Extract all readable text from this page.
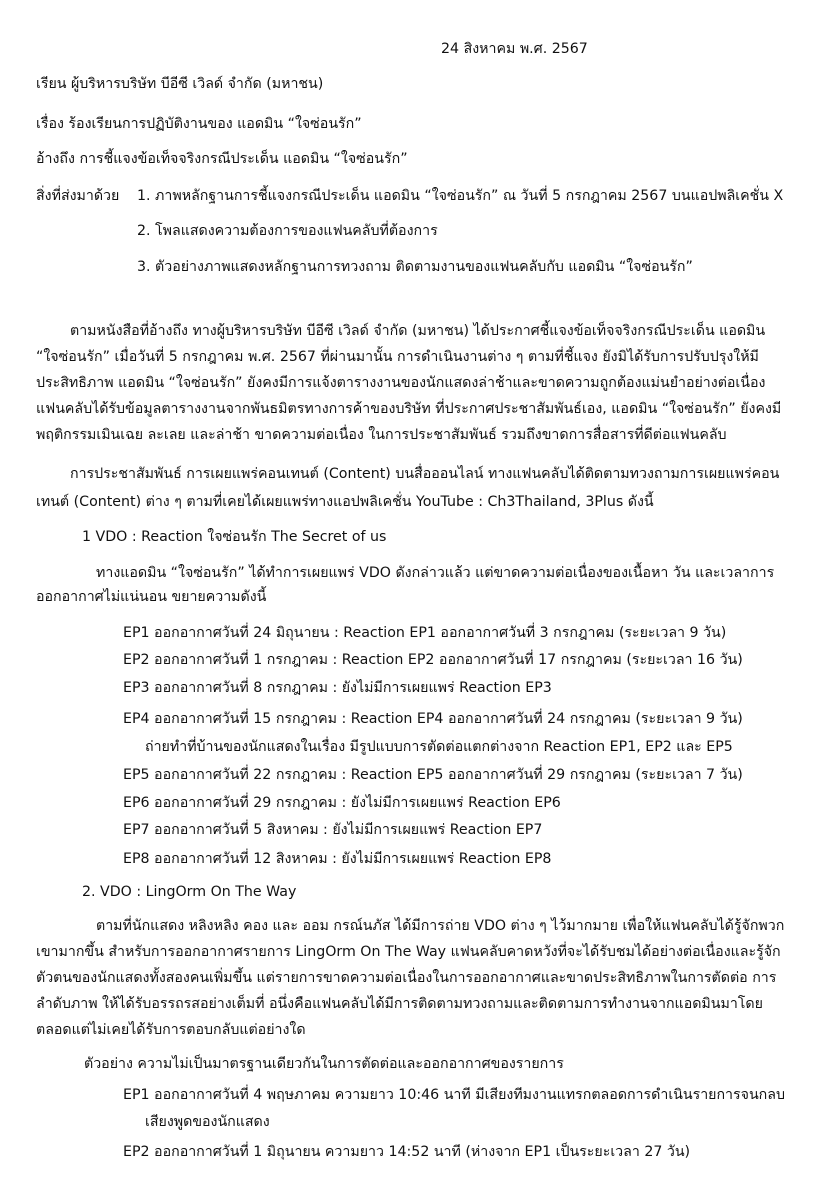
24 สิงหาคม พ.ศ. 2567
เรียน ผู้บริหารบริษัท บีอีซี เวิลด์ จำกัด (มหาชน)
เรื่อง ร้องเรียนการปฏิบัติงานของ แอดมิน “ใจซ่อนรัก”
อ้างถึง การชี้แจงข้อเท็จจริงกรณีประเด็น แอดมิน “ใจซ่อนรัก”
สิ่งที่ส่งมาด้วย 1. ภาพหลักฐานการชี้แจงกรณีประเด็น แอดมิน “ใจซ่อนรัก” ณ วันที่ 5 กรกฎาคม 2567 บนแอปพลิเคชั่น X
2. โพลแสดงความต้องการของแฟนคลับที่ต้องการ
3. ตัวอย่างภาพแสดงหลักฐานการทวงถาม ติดตามงานของแฟนคลับกับ แอดมิน “ใจซ่อนรัก”
ตามหนังสือที่อ้างถึง ทางผู้บริหารบริษัท บีอีซี เวิลด์ จำกัด (มหาชน) ได้ประกาศชี้แจงข้อเท็จจริงกรณีประเด็น แอดมิน
“ใจซ่อนรัก” เมื่อวันที่ 5 กรกฎาคม พ.ศ. 2567 ที่ผ่านมานั้น การดำเนินงานต่าง ๆ ตามที่ชี้แจง ยังมิได้รับการปรับปรุงให้มี
ประสิทธิภาพ แอดมิน “ใจซ่อนรัก” ยังคงมีการแจ้งตารางงานของนักแสดงล่าช้าและขาดความถูกต้องแม่นยำอย่างต่อเนื่อง
แฟนคลับได้รับข้อมูลตารางงานจากพันธมิตรทางการค้าของบริษัท ที่ประกาศประชาสัมพันธ์เอง, แอดมิน “ใจซ่อนรัก” ยังคงมี
พฤติกรรมเมินเฉย ละเลย และล่าช้า ขาดความต่อเนื่อง ในการประชาสัมพันธ์ รวมถึงขาดการสื่อสารที่ดีต่อแฟนคลับ
การประชาสัมพันธ์ การเผยแพร่คอนเทนต์ (Content) บนสื่อออนไลน์ ทางแฟนคลับได้ติดตามทวงถามการเผยแพร่คอน
เทนต์ (Content) ต่าง ๆ ตามที่เคยได้เผยแพร่ทางแอปพลิเคชั่น YouTube : Ch3Thailand, 3Plus ดังนี้
1 VDO : Reaction ใจซ่อนรัก The Secret of us
ทางแอดมิน “ใจซ่อนรัก” ได้ทำการเผยแพร่ VDO ดังกล่าวแล้ว แต่ขาดความต่อเนื่องของเนื้อหา วัน และเวลาการ
ออกอากาศไม่แน่นอน ขยายความดังนี้
EP1 ออกอากาศวันที่ 24 มิถุนายน : Reaction EP1 ออกอากาศวันที่ 3 กรกฎาคม (ระยะเวลา 9 วัน)
EP2 ออกอากาศวันที่ 1 กรกฎาคม : Reaction EP2 ออกอากาศวันที่ 17 กรกฎาคม (ระยะเวลา 16 วัน)
EP3 ออกอากาศวันที่ 8 กรกฎาคม : ยังไม่มีการเผยแพร่ Reaction EP3
EP4 ออกอากาศวันที่ 15 กรกฎาคม : Reaction EP4 ออกอากาศวันที่ 24 กรกฎาคม (ระยะเวลา 9 วัน)
ถ่ายทำที่บ้านของนักแสดงในเรื่อง มีรูปแบบการตัดต่อแตกต่างจาก Reaction EP1, EP2 และ EP5
EP5 ออกอากาศวันที่ 22 กรกฎาคม : Reaction EP5 ออกอากาศวันที่ 29 กรกฎาคม (ระยะเวลา 7 วัน)
EP6 ออกอากาศวันที่ 29 กรกฎาคม : ยังไม่มีการเผยแพร่ Reaction EP6
EP7 ออกอากาศวันที่ 5 สิงหาคม : ยังไม่มีการเผยแพร่ Reaction EP7
EP8 ออกอากาศวันที่ 12 สิงหาคม : ยังไม่มีการเผยแพร่ Reaction EP8
2. VDO : LingOrm On The Way
ตามที่นักแสดง หลิงหลิง คอง และ ออม กรณ์นภัส ได้มีการถ่าย VDO ต่าง ๆ ไว้มากมาย เพื่อให้แฟนคลับได้รู้จักพวก
เขามากขึ้น สำหรับการออกอากาศรายการ LingOrm On The Way แฟนคลับคาดหวังที่จะได้รับชมได้อย่างต่อเนื่องและรู้จัก
ตัวตนของนักแสดงทั้งสองคนเพิ่มขึ้น แต่รายการขาดความต่อเนื่องในการออกอากาศและขาดประสิทธิภาพในการตัดต่อ การ
ลำดับภาพ ให้ได้รับอรรถรสอย่างเต็มที่ อนึ่งคือแฟนคลับได้มีการติดตามทวงถามและติดตามการทำงานจากแอดมินมาโดย
ตลอดแต่ไม่เคยได้รับการตอบกลับแต่อย่างใด
ตัวอย่าง ความไม่เป็นมาตรฐานเดียวกันในการตัดต่อและออกอากาศของรายการ
EP1 ออกอากาศวันที่ 4 พฤษภาคม ความยาว 10:46 นาที มีเสียงทีมงานแทรกตลอดการดำเนินรายการจนกลบ
เสียงพูดของนักแสดง
EP2 ออกอากาศวันที่ 1 มิถุนายน ความยาว 14:52 นาที (ห่างจาก EP1 เป็นระยะเวลา 27 วัน)
